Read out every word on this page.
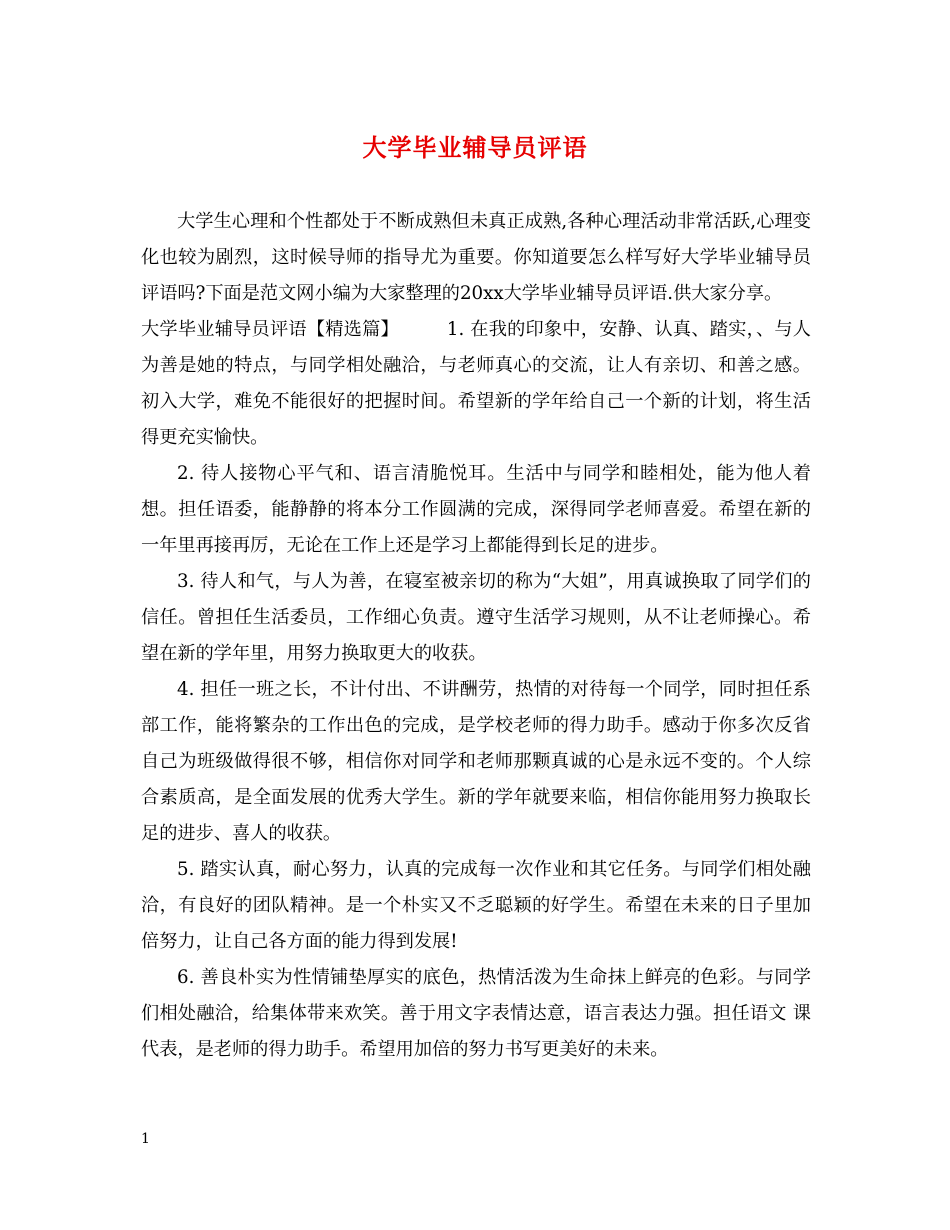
大学毕业辅导员评语

大学生心理和个性都处于不断成熟但未真正成熟,各种心理活动非常活跃,心理变化也较为剧烈，这时候导师的指导尤为重要。你知道要怎么样写好大学毕业辅导员评语吗?下面是范文网小编为大家整理的20xx大学毕业辅导员评语.供大家分享。

大学毕业辅导员评语【精选篇】	1. 在我的印象中，安静、认真、踏实，、与人为善是她的特点，与同学相处融洽，与老师真心的交流，让人有亲切、和善之感。初入大学，难免不能很好的把握时间。希望新的学年给自己一个新的计划，将生活得更充实愉快。

2. 待人接物心平气和、语言清脆悦耳。生活中与同学和睦相处，能为他人着想。担任语委，能静静的将本分工作圆满的完成，深得同学老师喜爱。希望在新的一年里再接再厉，无论在工作上还是学习上都能得到长足的进步。

3. 待人和气，与人为善，在寝室被亲切的称为“大姐”，用真诚换取了同学们的信任。曾担任生活委员，工作细心负责。遵守生活学习规则，从不让老师操心。希望在新的学年里，用努力换取更大的收获。

4. 担任一班之长，不计付出、不讲酬劳，热情的对待每一个同学，同时担任系部工作，能将繁杂的工作出色的完成，是学校老师的得力助手。感动于你多次反省自己为班级做得很不够，相信你对同学和老师那颗真诚的心是永远不变的。个人综合素质高，是全面发展的优秀大学生。新的学年就要来临，相信你能用努力换取长足的进步、喜人的收获。

5. 踏实认真，耐心努力，认真的完成每一次作业和其它任务。与同学们相处融洽，有良好的团队精神。是一个朴实又不乏聪颖的好学生。希望在未来的日子里加倍努力，让自己各方面的能力得到发展!

6. 善良朴实为性情铺垫厚实的底色，热情活泼为生命抹上鲜亮的色彩。与同学们相处融洽，给集体带来欢笑。善于用文字表情达意，语言表达力强。担任语文 课代表，是老师的得力助手。希望用加倍的努力书写更美好的未来。

1
